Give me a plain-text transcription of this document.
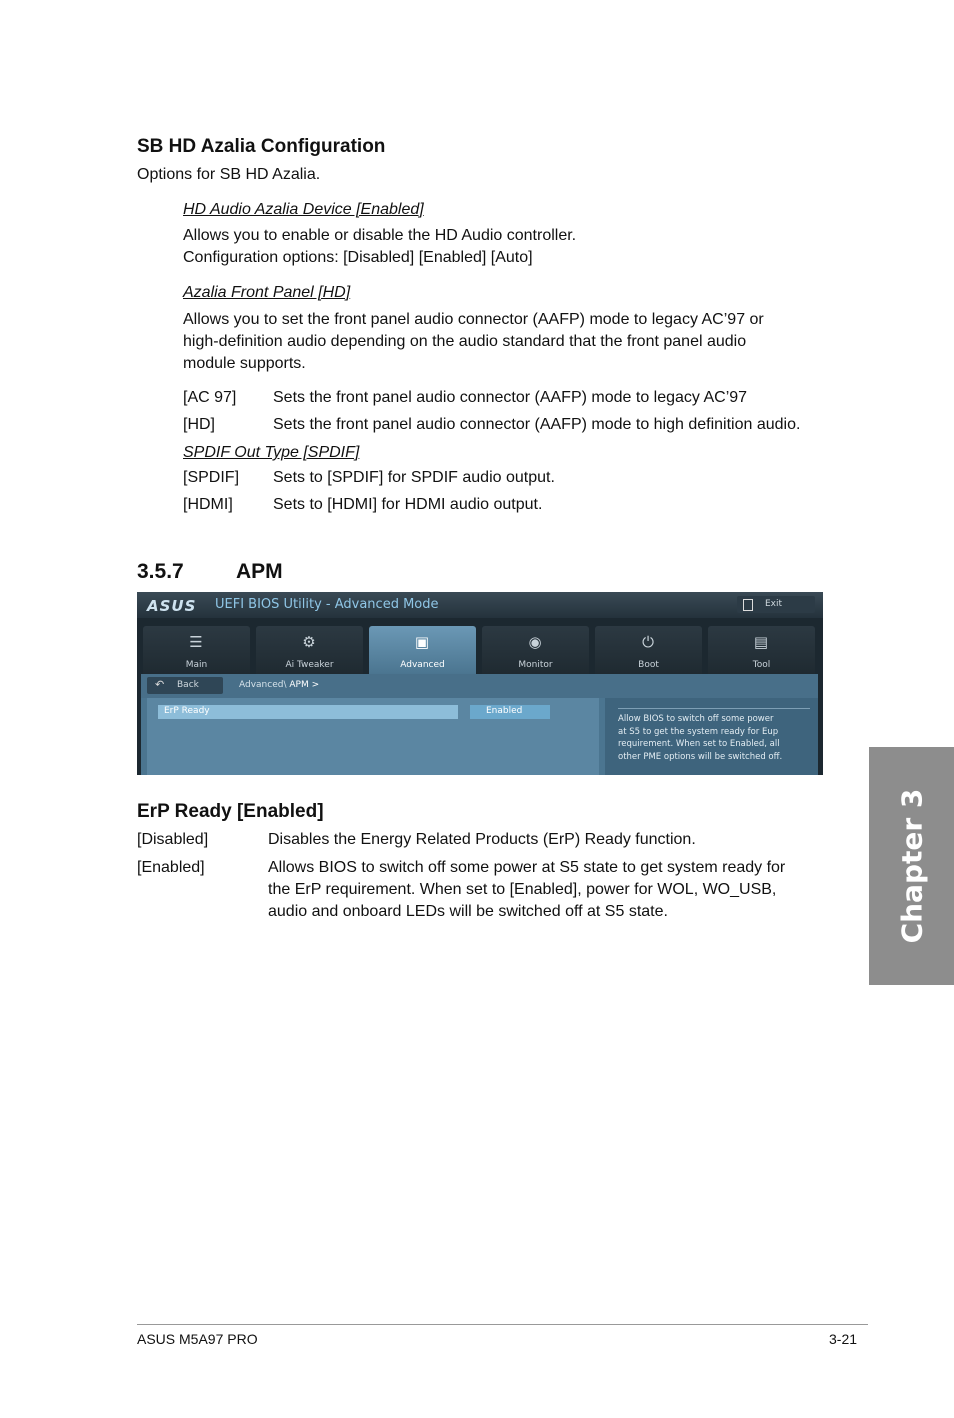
SB HD Azalia Configuration
Options for SB HD Azalia.
HD Audio Azalia Device [Enabled]
Allows you to enable or disable the HD Audio controller.
Configuration options: [Disabled] [Enabled] [Auto]
Azalia Front Panel [HD]
Allows you to set the front panel audio connector (AAFP) mode to legacy AC’97 or
high-definition audio depending on the audio standard that the front panel audio
module supports.
[AC 97] Sets the front panel audio connector (AAFP) mode to legacy AC’97
[HD]	Sets the front panel audio connector (AAFP) mode to high definition audio.
SPDIF Out Type [SPDIF]
[SPDIF] Sets to [SPDIF] for SPDIF audio output.
[HDMI]	Sets to [HDMI] for HDMI audio output.
3.5.7 APM
ASUS	UEFI BIOS Utility - Advanced Mode	Exit
☰
Main
⚙
Ai Tweaker
▣
Advanced
◉
Monitor
⏻
Boot
▤
Tool
↶ Back	Advanced\ APM >
ErP Ready	Enabled
Allow BIOS to switch off some power
at S5 to get the system ready for Eup
requirement. When set to Enabled, all
other PME options will be switched off.
ErP Ready [Enabled]
[Disabled]	Disables the Energy Related Products (ErP) Ready function.
[Enabled]	Allows BIOS to switch off some power at S5 state to get system ready for
the ErP requirement. When set to [Enabled], power for WOL, WO_USB,
audio and onboard LEDs will be switched off at S5 state.	Chapter 3
ASUS M5A97 PRO	3-21
